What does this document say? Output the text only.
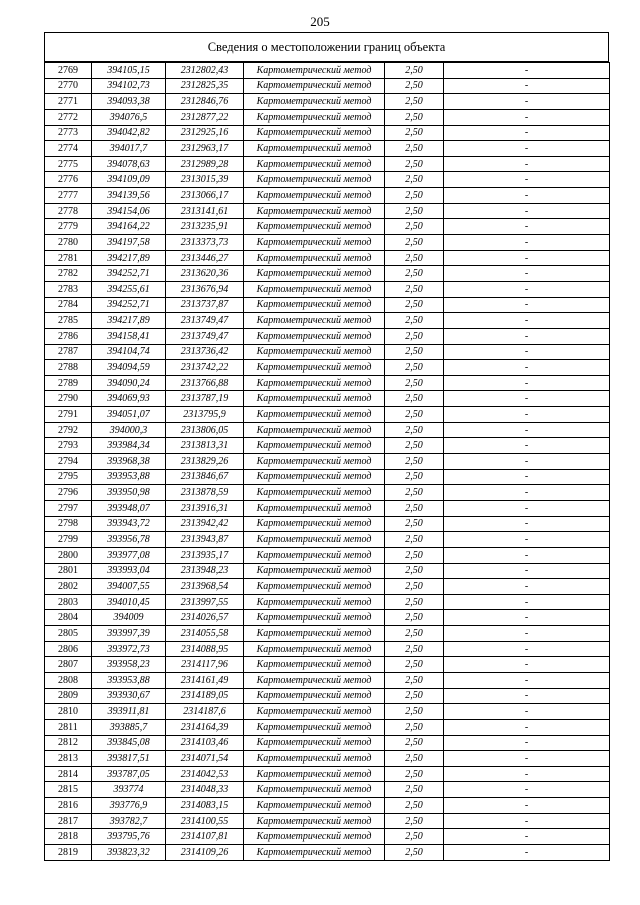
205
Сведения о местоположении границ объекта
2769	394105,15	2312802,43	Картометрический метод	2,50	-
2770	394102,73	2312825,35	Картометрический метод	2,50	-
2771	394093,38	2312846,76	Картометрический метод	2,50	-
2772	394076,5	2312877,22	Картометрический метод	2,50	-
2773	394042,82	2312925,16	Картометрический метод	2,50	-
2774	394017,7	2312963,17	Картометрический метод	2,50	-
2775	394078,63	2312989,28	Картометрический метод	2,50	-
2776	394109,09	2313015,39	Картометрический метод	2,50	-
2777	394139,56	2313066,17	Картометрический метод	2,50	-
2778	394154,06	2313141,61	Картометрический метод	2,50	-
2779	394164,22	2313235,91	Картометрический метод	2,50	-
2780	394197,58	2313373,73	Картометрический метод	2,50	-
2781	394217,89	2313446,27	Картометрический метод	2,50	-
2782	394252,71	2313620,36	Картометрический метод	2,50	-
2783	394255,61	2313676,94	Картометрический метод	2,50	-
2784	394252,71	2313737,87	Картометрический метод	2,50	-
2785	394217,89	2313749,47	Картометрический метод	2,50	-
2786	394158,41	2313749,47	Картометрический метод	2,50	-
2787	394104,74	2313736,42	Картометрический метод	2,50	-
2788	394094,59	2313742,22	Картометрический метод	2,50	-
2789	394090,24	2313766,88	Картометрический метод	2,50	-
2790	394069,93	2313787,19	Картометрический метод	2,50	-
2791	394051,07	2313795,9	Картометрический метод	2,50	-
2792	394000,3	2313806,05	Картометрический метод	2,50	-
2793	393984,34	2313813,31	Картометрический метод	2,50	-
2794	393968,38	2313829,26	Картометрический метод	2,50	-
2795	393953,88	2313846,67	Картометрический метод	2,50	-
2796	393950,98	2313878,59	Картометрический метод	2,50	-
2797	393948,07	2313916,31	Картометрический метод	2,50	-
2798	393943,72	2313942,42	Картометрический метод	2,50	-
2799	393956,78	2313943,87	Картометрический метод	2,50	-
2800	393977,08	2313935,17	Картометрический метод	2,50	-
2801	393993,04	2313948,23	Картометрический метод	2,50	-
2802	394007,55	2313968,54	Картометрический метод	2,50	-
2803	394010,45	2313997,55	Картометрический метод	2,50	-
2804	394009	2314026,57	Картометрический метод	2,50	-
2805	393997,39	2314055,58	Картометрический метод	2,50	-
2806	393972,73	2314088,95	Картометрический метод	2,50	-
2807	393958,23	2314117,96	Картометрический метод	2,50	-
2808	393953,88	2314161,49	Картометрический метод	2,50	-
2809	393930,67	2314189,05	Картометрический метод	2,50	-
2810	393911,81	2314187,6	Картометрический метод	2,50	-
2811	393885,7	2314164,39	Картометрический метод	2,50	-
2812	393845,08	2314103,46	Картометрический метод	2,50	-
2813	393817,51	2314071,54	Картометрический метод	2,50	-
2814	393787,05	2314042,53	Картометрический метод	2,50	-
2815	393774	2314048,33	Картометрический метод	2,50	-
2816	393776,9	2314083,15	Картометрический метод	2,50	-
2817	393782,7	2314100,55	Картометрический метод	2,50	-
2818	393795,76	2314107,81	Картометрический метод	2,50	-
2819	393823,32	2314109,26	Картометрический метод	2,50	-
